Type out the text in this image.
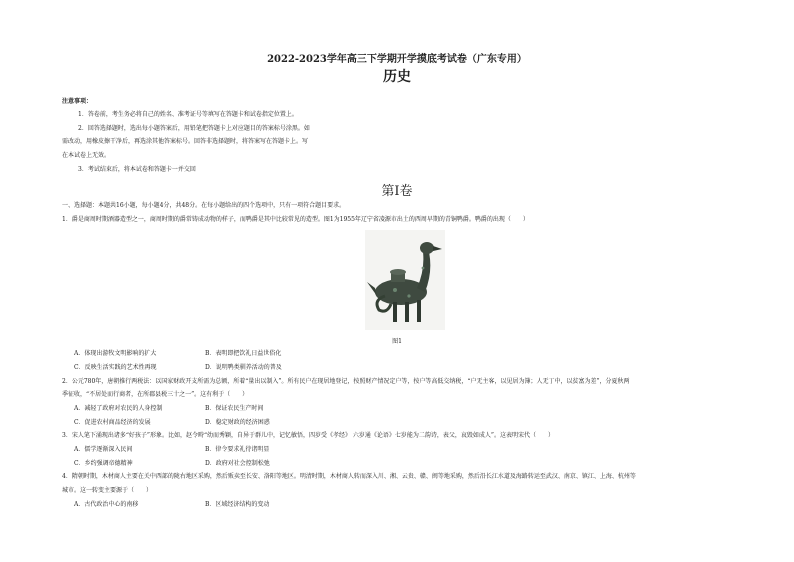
2022-2023学年高三下学期开学摸底考试卷（广东专用）
历史
注意事项：
1．答卷前，考生务必将自己的姓名、准考证号等填写在答题卡和试卷指定位置上。
2．回答选择题时，选出每小题答案后，用铅笔把答题卡上对应题目的答案标号涂黑。如
需改动，用橡皮擦干净后，再选涂其他答案标号。回答非选择题时，将答案写在答题卡上。写
在本试卷上无效。
3．考试结束后，将本试卷和答题卡一并交回
第Ⅰ卷
一、选择题：本题共16小题，每小题4分，共48分。在每小题给出的四个选项中，只有一项符合题目要求。
1．爵是商周时期酒器造型之一，商周时期的爵常铸成动物的样子，而鸭爵是其中比较常见的造型。图1为1955年辽宁省凌源市出土的西周早期的青铜鸭爵。鸭爵的出现（　　）
图1
A．体现出游牧文明影响的扩大	B．表明即把饮礼日益世俗化
C．反映生活实践的艺术性再现	D．说明鸭类驯养活动的普及
2．公元780年，唐朝推行两税法：以国家财政开支所需为总额，所着“量出以制入”。所有民户在现居地登记，按照财产情况定户等，按户等高低交纳税，“户无主客，以见居为簿；人无丁中，以贫富为差”，分夏秋两
季征收，“不居处而行商者，在所郡县税三十之一”。这有利于（　　）
A．减轻了政府对农民的人身控制	B．保证农民生产时间
C．促进农村商品经济的发展	D．稳定财政的经济困惑
3．宋人笔下涌现出诸多“好孩子”形象。比如，赵令畤“幼而秀颖，自异于群儿中，记忆敏悟，四岁受《孝经》 六岁通《论语》七岁能为二韵诗，表父，哀毁如成人”。这表明宋代（　　）
A．儒学逐渐深入民间	B．律令要求礼待诸明显
C．乡约强调帝德精神	D．政府对社会控制松弛
4．隋朝时期，木材商人主要在关中西部的陇右地区采购，然后贩卖至长安、洛阳等地区。明清时期，木材商人转而深入川、湘、云贵、赣、闽等地采购，然后沿长江水道及海路转运至武汉、南京、镇江、上海、杭州等
城市。这一转变主要源于（　　）
A．古代政治中心的南移	B．区域经济结构的变动
